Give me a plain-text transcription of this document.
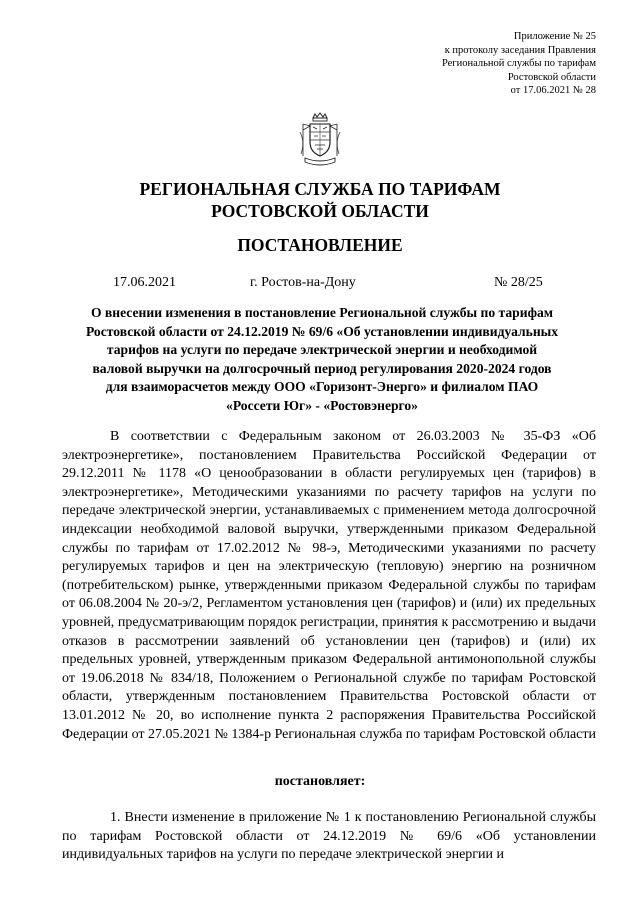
Приложение № 25
к протоколу заседания Правления
Региональной службы по тарифам
Ростовской области
от 17.06.2021 № 28
РЕГИОНАЛЬНАЯ СЛУЖБА ПО ТАРИФАМ
РОСТОВСКОЙ ОБЛАСТИ
ПОСТАНОВЛЕНИЕ
17.06.2021	г. Ростов-на-Дону	№ 28/25
О внесении изменения в постановление Региональной службы по тарифам
Ростовской области от 24.12.2019 № 69/6 «Об установлении индивидуальных
тарифов на услуги по передаче электрической энергии и необходимой
валовой выручки на долгосрочный период регулирования 2020-2024 годов
для взаиморасчетов между ООО «Горизонт-Энерго» и филиалом ПАО
«Россети Юг» - «Ростовэнерго»

В соответствии с Федеральным законом от 26.03.2003 № 35-ФЗ «Об электроэнергетике», постановлением Правительства Российской Федерации от 29.12.2011 № 1178 «О ценообразовании в области регулируемых цен (тарифов) в электроэнергетике», Методическими указаниями по расчету тарифов на услуги по передаче электрической энергии, устанавливаемых с применением метода долгосрочной индексации необходимой валовой выручки, утвержденными приказом Федеральной службы по тарифам от 17.02.2012 № 98-э, Методическими указаниями по расчету регулируемых тарифов и цен на электрическую (тепловую) энергию на розничном (потребительском) рынке, утвержденными приказом Федеральной службы по тарифам от 06.08.2004 № 20-э/2, Регламентом установления цен (тарифов) и (или) их предельных уровней, предусматривающим порядок регистрации, принятия к рассмотрению и выдачи отказов в рассмотрении заявлений об установлении цен (тарифов) и (или) их предельных уровней, утвержденным приказом Федеральной антимонопольной службы от 19.06.2018 № 834/18, Положением о Региональной службе по тарифам Ростовской области, утвержденным постановлением Правительства Ростовской области от 13.01.2012 № 20, во исполнение пункта 2 распоряжения Правительства Российской Федерации от 27.05.2021 № 1384-р Региональная служба по тарифам Ростовской области

постановляет:

1. Внести изменение в приложение № 1 к постановлению Региональной службы по тарифам Ростовской области от 24.12.2019 № 69/6 «Об установлении индивидуальных тарифов на услуги по передаче электрической энергии и
